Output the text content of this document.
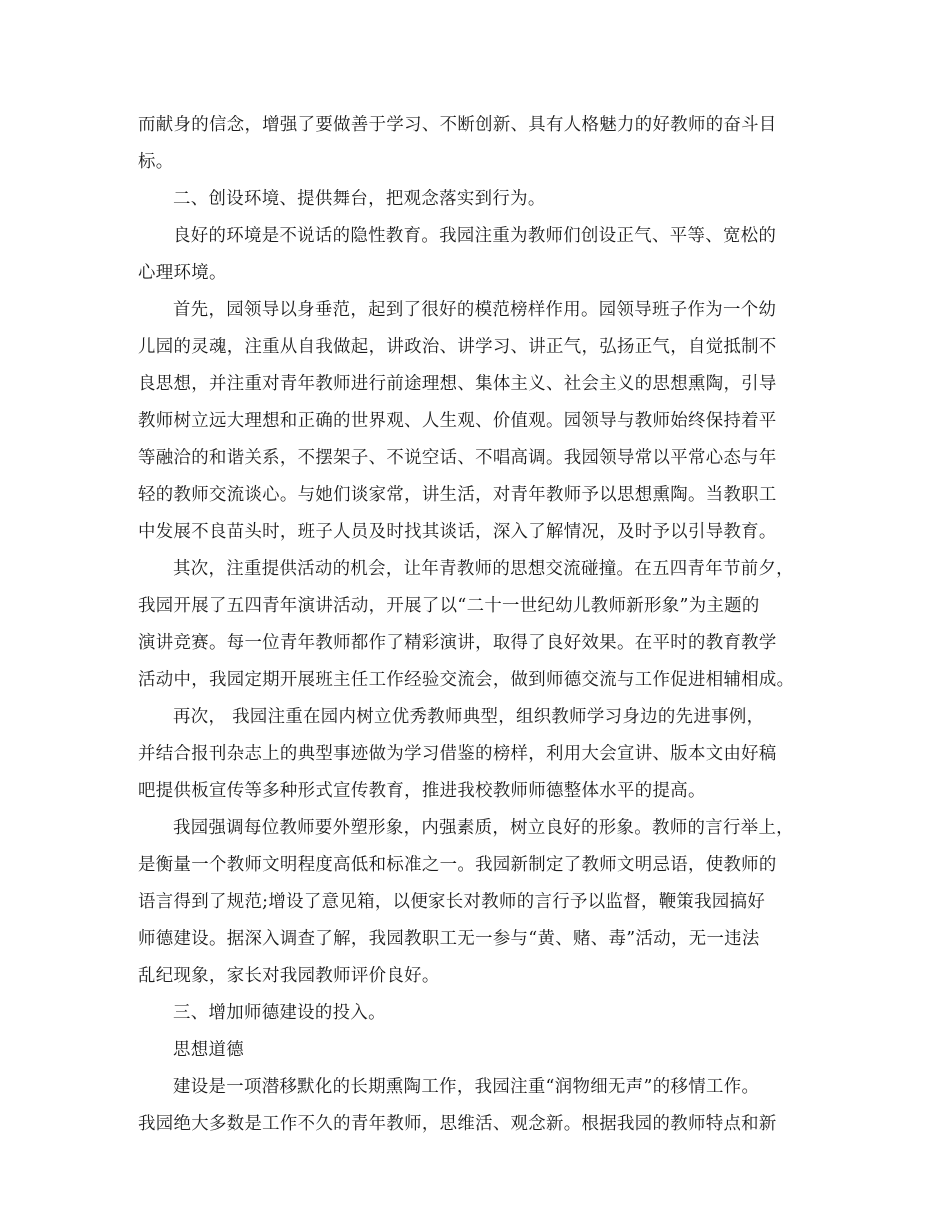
而献身的信念，增强了要做善于学习、不断创新、具有人格魅力的好教师的奋斗目
标。
二、创设环境、提供舞台，把观念落实到行为。
良好的环境是不说话的隐性教育。我园注重为教师们创设正气、平等、宽松的
心理环境。
首先，园领导以身垂范，起到了很好的模范榜样作用。园领导班子作为一个幼
儿园的灵魂，注重从自我做起，讲政治、讲学习、讲正气，弘扬正气，自觉抵制不
良思想，并注重对青年教师进行前途理想、集体主义、社会主义的思想熏陶，引导
教师树立远大理想和正确的世界观、人生观、价值观。园领导与教师始终保持着平
等融洽的和谐关系，不摆架子、不说空话、不唱高调。我园领导常以平常心态与年
轻的教师交流谈心。与她们谈家常，讲生活，对青年教师予以思想熏陶。当教职工
中发展不良苗头时，班子人员及时找其谈话，深入了解情况，及时予以引导教育。
其次，注重提供活动的机会，让年青教师的思想交流碰撞。在五四青年节前夕，
我园开展了五四青年演讲活动，开展了以“二十一世纪幼儿教师新形象”为主题的
演讲竞赛。每一位青年教师都作了精彩演讲，取得了良好效果。在平时的教育教学
活动中，我园定期开展班主任工作经验交流会，做到师德交流与工作促进相辅相成。
再次， 我园注重在园内树立优秀教师典型，组织教师学习身边的先进事例，
并结合报刊杂志上的典型事迹做为学习借鉴的榜样，利用大会宣讲、版本文由好稿
吧提供板宣传等多种形式宣传教育，推进我校教师师德整体水平的提高。
我园强调每位教师要外塑形象，内强素质，树立良好的形象。教师的言行举上，
是衡量一个教师文明程度高低和标准之一。我园新制定了教师文明忌语，使教师的
语言得到了规范;增设了意见箱，以便家长对教师的言行予以监督，鞭策我园搞好
师德建设。据深入调查了解，我园教职工无一参与“黄、赌、毒”活动，无一违法
乱纪现象，家长对我园教师评价良好。
三、增加师德建设的投入。
思想道德
建设是一项潜移默化的长期熏陶工作，我园注重“润物细无声”的移情工作。
我园绝大多数是工作不久的青年教师，思维活、观念新。根据我园的教师特点和新
